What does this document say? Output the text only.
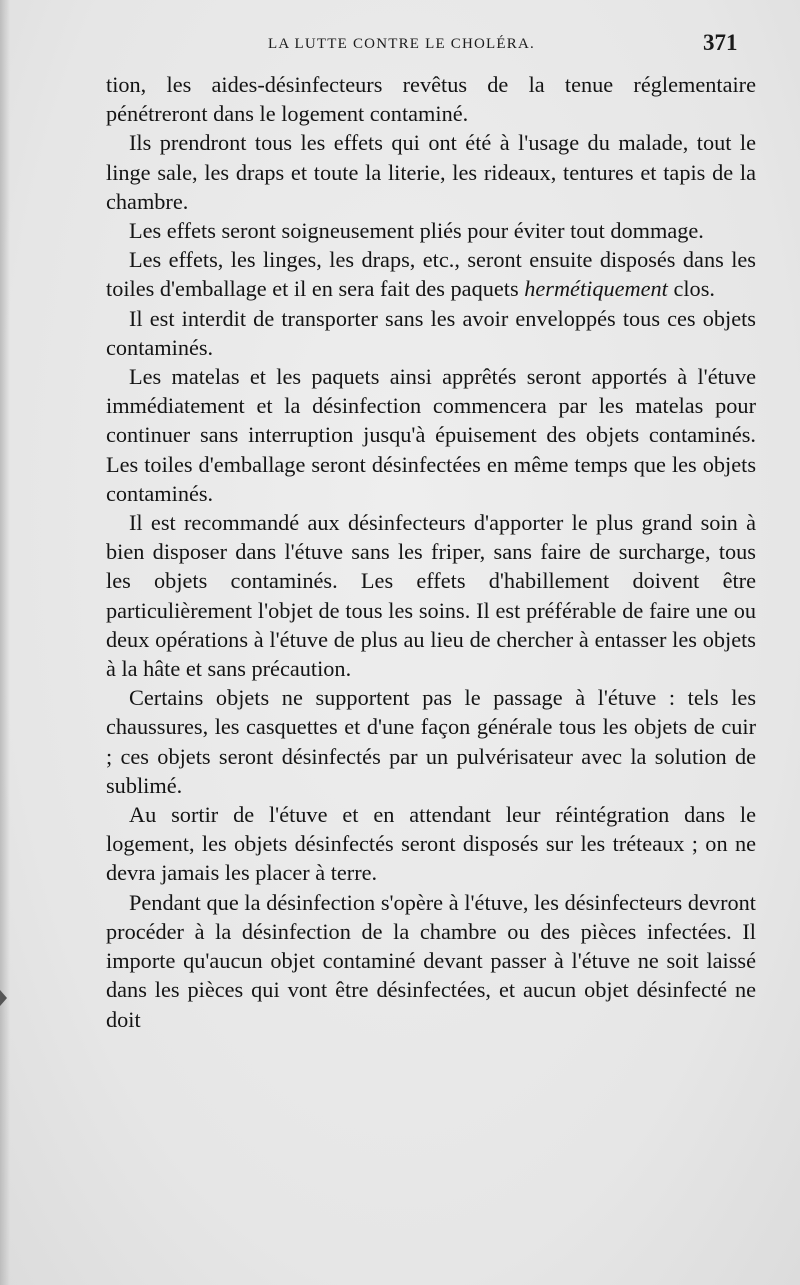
LA LUTTE CONTRE LE CHOLÉRA.	371

tion, les aides-désinfecteurs revêtus de la tenue réglementaire pénétreront dans le logement contaminé.

Ils prendront tous les effets qui ont été à l'usage du malade, tout le linge sale, les draps et toute la literie, les rideaux, tentures et tapis de la chambre.

Les effets seront soigneusement pliés pour éviter tout dommage.

Les effets, les linges, les draps, etc., seront ensuite disposés dans les toiles d'emballage et il en sera fait des paquets hermétiquement clos.

Il est interdit de transporter sans les avoir enveloppés tous ces objets contaminés.

Les matelas et les paquets ainsi apprêtés seront apportés à l'étuve immédiatement et la désinfection commencera par les matelas pour continuer sans interruption jusqu'à épuisement des objets contaminés. Les toiles d'emballage seront désinfectées en même temps que les objets contaminés.

Il est recommandé aux désinfecteurs d'apporter le plus grand soin à bien disposer dans l'étuve sans les friper, sans faire de surcharge, tous les objets contaminés. Les effets d'habillement doivent être particulièrement l'objet de tous les soins. Il est préférable de faire une ou deux opérations à l'étuve de plus au lieu de chercher à entasser les objets à la hâte et sans précaution.

Certains objets ne supportent pas le passage à l'étuve : tels les chaussures, les casquettes et d'une façon générale tous les objets de cuir ; ces objets seront désinfectés par un pulvérisateur avec la solution de sublimé.

Au sortir de l'étuve et en attendant leur réintégration dans le logement, les objets désinfectés seront disposés sur les tréteaux ; on ne devra jamais les placer à terre.

Pendant que la désinfection s'opère à l'étuve, les désinfecteurs devront procéder à la désinfection de la chambre ou des pièces infectées. Il importe qu'aucun objet contaminé devant passer à l'étuve ne soit laissé dans les pièces qui vont être désinfectées, et aucun objet désinfecté ne doit
